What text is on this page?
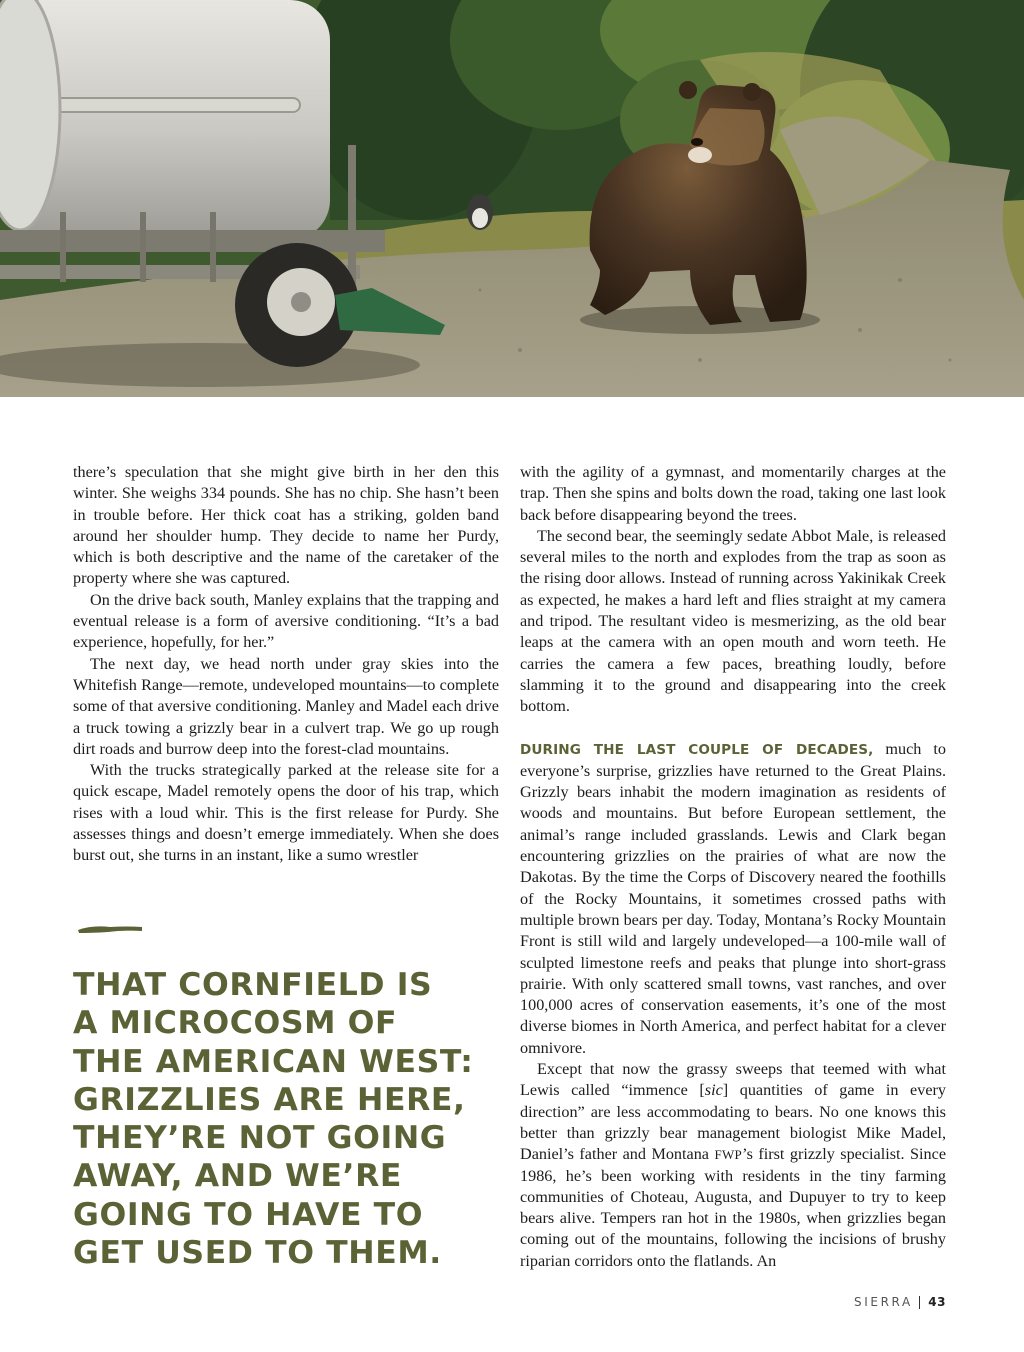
there’s speculation that she might give birth in her den this winter. She weighs 334 pounds. She has no chip. She hasn’t been in trouble before. Her thick coat has a striking, golden band around her shoulder hump. They decide to name her Purdy, which is both descriptive and the name of the caretaker of the property where she was captured.

On the drive back south, Manley explains that the trapping and eventual release is a form of aversive conditioning. “It’s a bad experience, hopefully, for her.”

The next day, we head north under gray skies into the Whitefish Range—remote, undeveloped mountains—to complete some of that aversive conditioning. Manley and Madel each drive a truck towing a grizzly bear in a culvert trap. We go up rough dirt roads and burrow deep into the forest-clad mountains.

With the trucks strategically parked at the release site for a quick escape, Madel remotely opens the door of his trap, which rises with a loud whir. This is the first release for Purdy. She assesses things and doesn’t emerge immediately. When she does burst out, she turns in an instant, like a sumo wrestler

THAT CORNFIELD IS
A MICROCOSM OF
THE AMERICAN WEST:
GRIZZLIES ARE HERE,
THEY’RE NOT GOING
AWAY, AND WE’RE
GOING TO HAVE TO
GET USED TO THEM.

with the agility of a gymnast, and momentarily charges at the trap. Then she spins and bolts down the road, taking one last look back before disappearing beyond the trees.

The second bear, the seemingly sedate Abbot Male, is released several miles to the north and explodes from the trap as soon as the rising door allows. Instead of running across Yakinikak Creek as expected, he makes a hard left and flies straight at my camera and tripod. The resultant video is mesmerizing, as the old bear leaps at the camera with an open mouth and worn teeth. He carries the camera a few paces, breathing loudly, before slamming it to the ground and disappearing into the creek bottom.

DURING THE LAST COUPLE OF DECADES, much to everyone’s surprise, grizzlies have returned to the Great Plains. Grizzly bears inhabit the modern imagination as residents of woods and mountains. But before European settlement, the animal’s range included grasslands. Lewis and Clark began encountering grizzlies on the prairies of what are now the Dakotas. By the time the Corps of Discovery neared the foothills of the Rocky Mountains, it sometimes crossed paths with multiple brown bears per day. Today, Montana’s Rocky Mountain Front is still wild and largely undeveloped—a 100-mile wall of sculpted limestone reefs and peaks that plunge into short-grass prairie. With only scattered small towns, vast ranches, and over 100,000 acres of conservation easements, it’s one of the most diverse biomes in North America, and perfect habitat for a clever omnivore.

Except that now the grassy sweeps that teemed with what Lewis called “immence [sic] quantities of game in every direction” are less accommodating to bears. No one knows this better than grizzly bear management biologist Mike Madel, Daniel’s father and Montana FWP’s first grizzly specialist. Since 1986, he’s been working with residents in the tiny farming communities of Choteau, Augusta, and Dupuyer to try to keep bears alive. Tempers ran hot in the 1980s, when grizzlies began coming out of the mountains, following the incisions of brushy riparian corridors onto the flatlands. An

SIERRA 43
